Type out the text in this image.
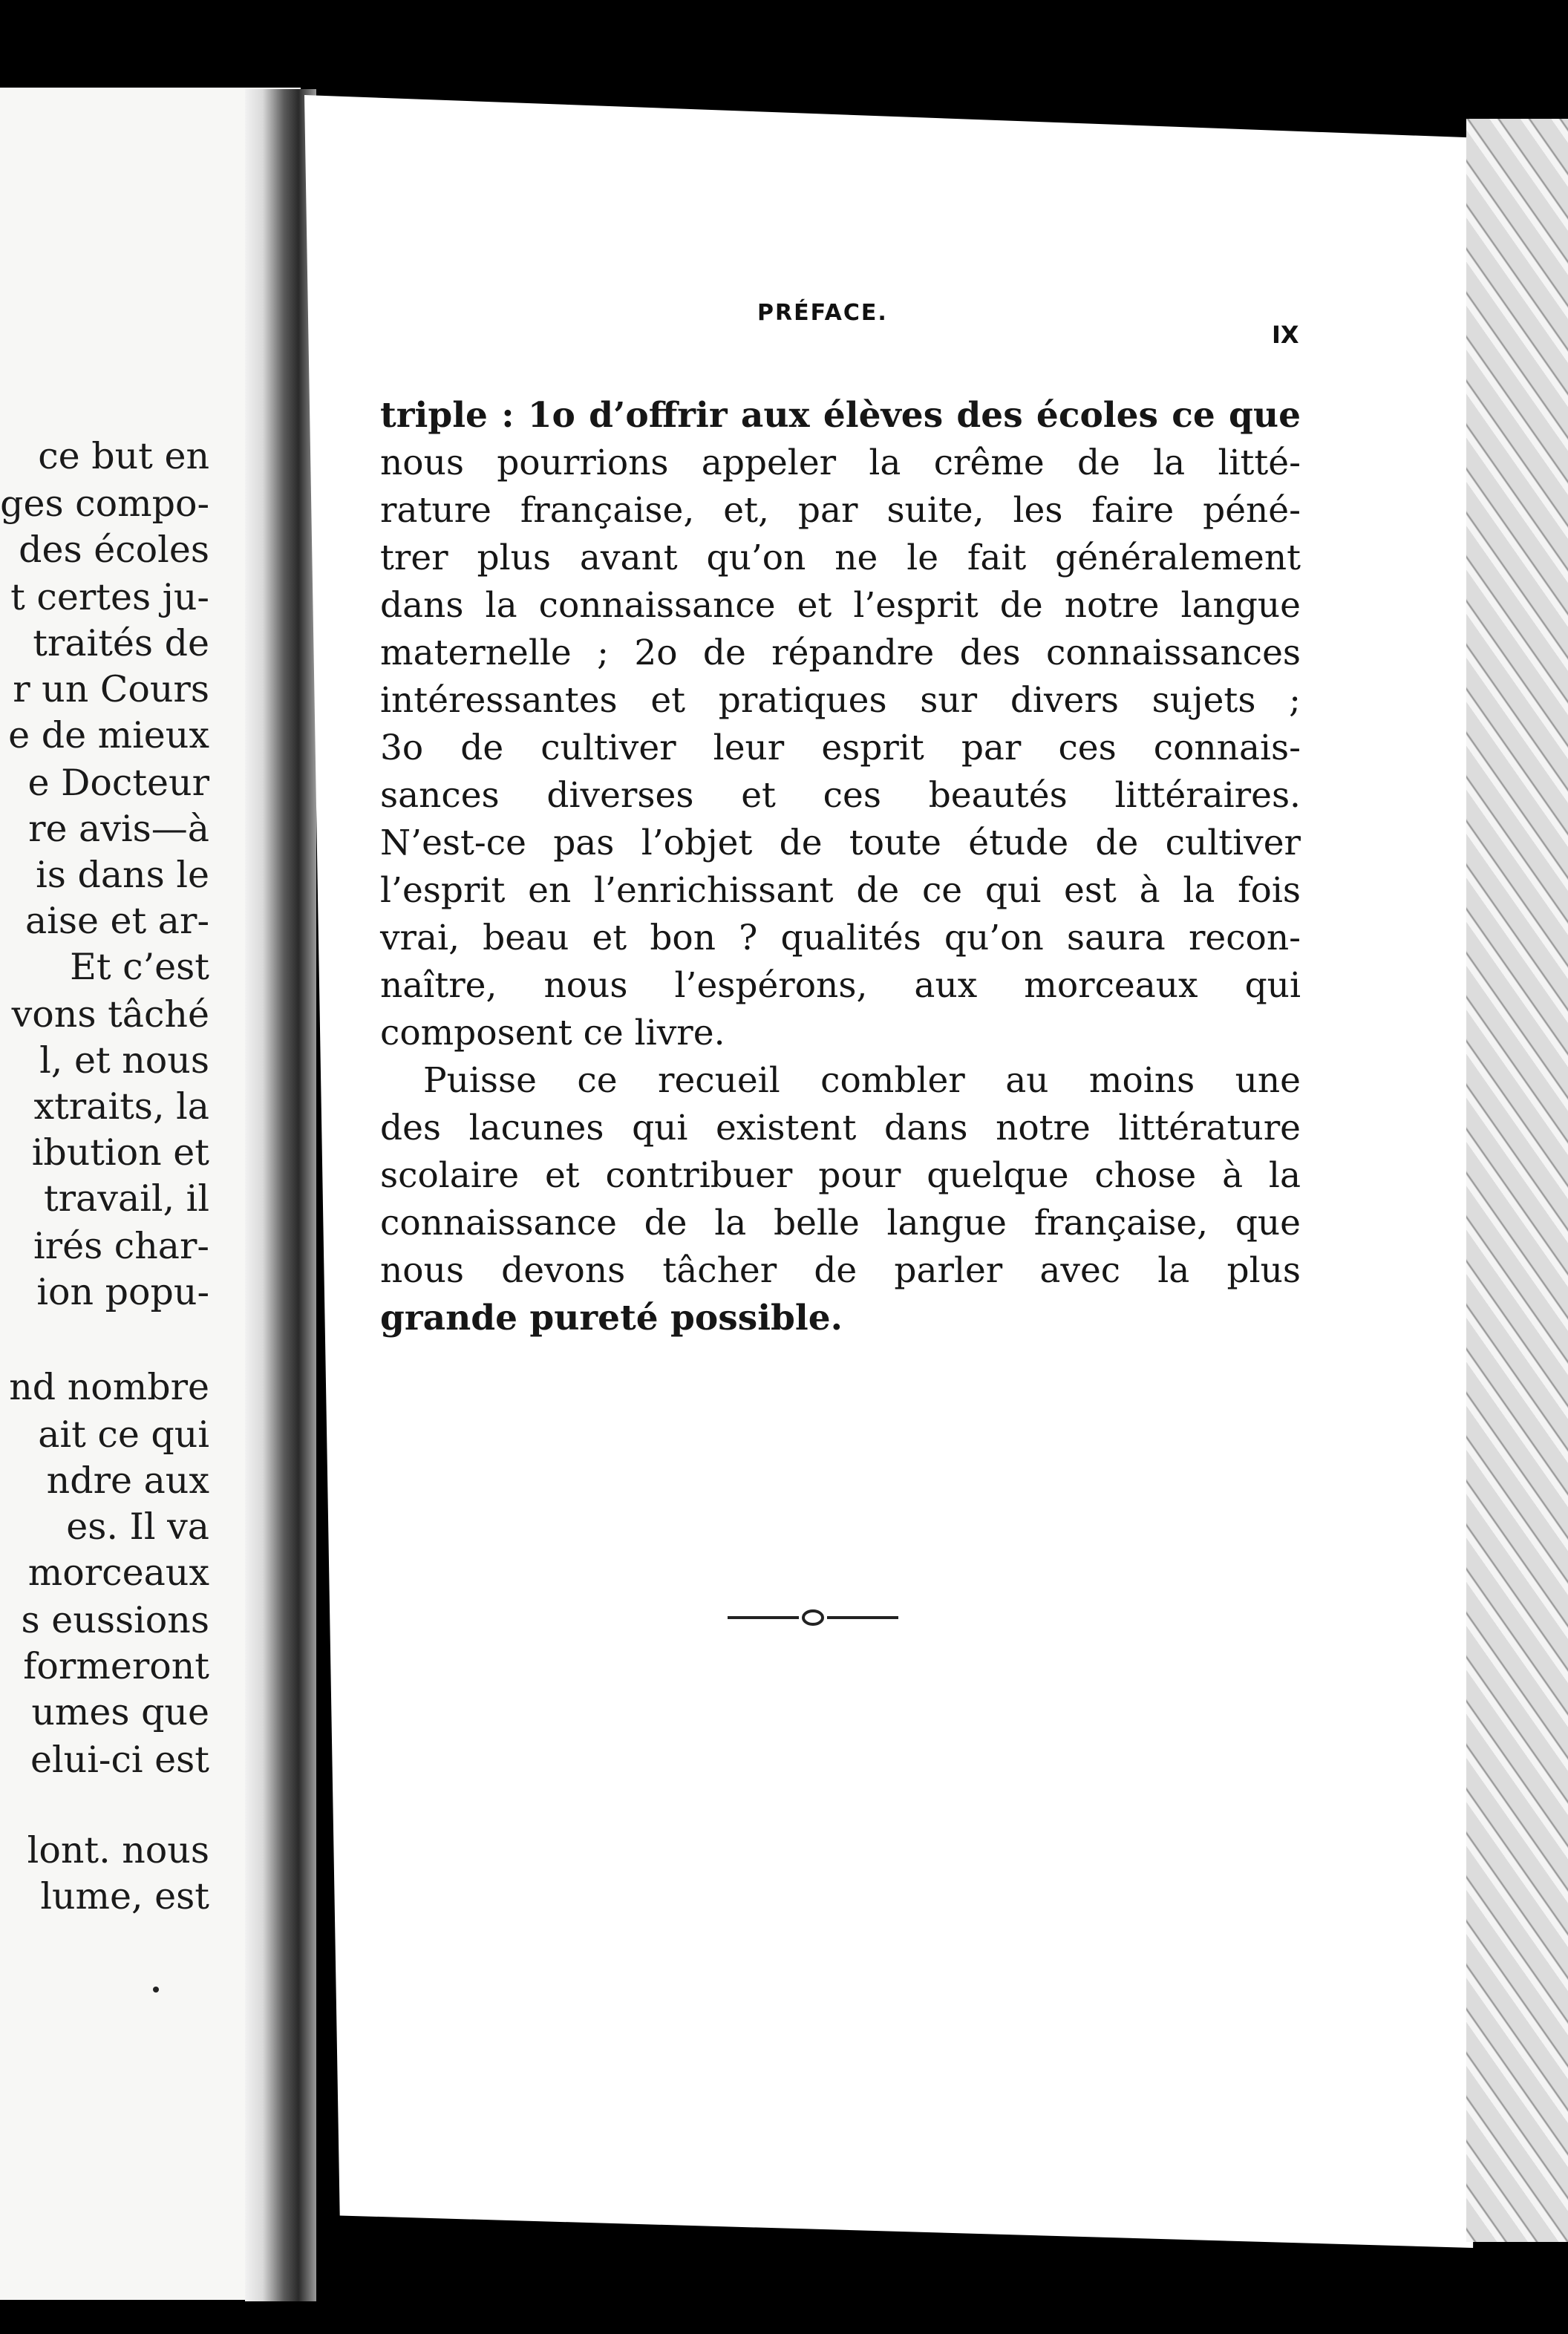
ce but en
ges compo-
des écoles
t certes ju-
traités de
r un Cours
e de mieux
e Docteur
re avis—à
is dans le
aise et ar-
Et c’est
vons tâché
l, et nous
xtraits, la
ibution et
travail, il
irés char-
ion popu-
nd nombre
ait ce qui
ndre aux
es. Il va
morceaux
s eussions
formeront
umes que
elui-ci est
lont. nous
lume, est
PRÉFACE.
IX
triple : 1o d’offrir aux élèves des écoles ce que
nous pourrions appeler la crême de la litté-
rature française, et, par suite, les faire péné-
trer plus avant qu’on ne le fait généralement
dans la connaissance et l’esprit de notre langue
maternelle ; 2o de répandre des connaissances
intéressantes et pratiques sur divers sujets ;
3o de cultiver leur esprit par ces connais-
sances diverses et ces beautés littéraires.
N’est-ce pas l’objet de toute étude de cultiver
l’esprit en l’enrichissant de ce qui est à la fois
vrai, beau et bon ? qualités qu’on saura recon-
naître, nous l’espérons, aux morceaux qui
composent ce livre.
Puisse ce recueil combler au moins une
des lacunes qui existent dans notre littérature
scolaire et contribuer pour quelque chose à la
connaissance de la belle langue française, que
nous devons tâcher de parler avec la plus
grande pureté possible.
